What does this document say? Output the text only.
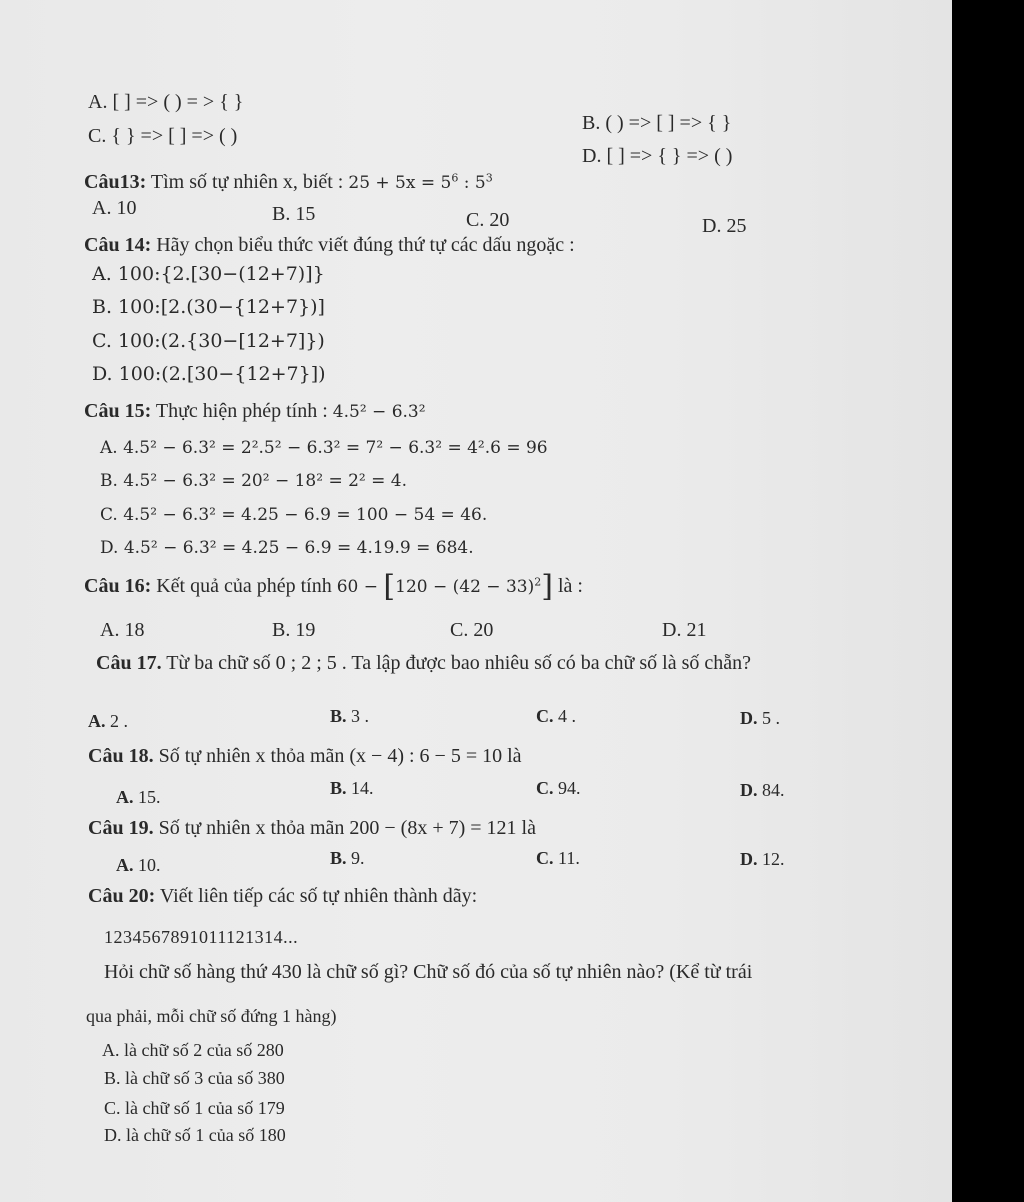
A. [ ] => ( ) = > { }
B. ( ) => [ ] => { }
C. { } => [ ] => ( )
D. [ ] => { } => ( )
Câu13: Tìm số tự nhiên x, biết : $25 + 5x = 5^6$ : $5^3$
A. 10	B. 15	C. 20	D. 25
Câu 14: Hãy chọn biểu thức viết đúng thứ tự các dấu ngoặc :
A. 100:{2.[30−(12+7)]}
B. 100:[2.(30−{12+7})]
C. 100:(2.{30−[12+7]})
D. 100:(2.[30−{12+7}])
Câu 15: Thực hiện phép tính : 4.5² − 6.3²
A. 4.5² − 6.3² = 2².5² − 6.3² = 7² − 6.3² = 4².6 = 96
B. 4.5² − 6.3² = 20² − 18² = 2² = 4.
C. 4.5² − 6.3² = 4.25 − 6.9 = 100 − 54 = 46.
D. 4.5² − 6.3² = 4.25 − 6.9 = 4.19.9 = 684.
Câu 16: Kết quả của phép tính $60 - [120 - (42 - 33)^2]$ là :
A. 18	B. 19	C. 20	D. 21
Câu 17. Từ ba chữ số 0 ; 2 ; 5 . Ta lập được bao nhiêu số có ba chữ số là số chẵn?
A. 2 .	B. 3 .	C. 4 .	D. 5 .
Câu 18. Số tự nhiên x thỏa mãn (x − 4) : 6 − 5 = 10 là
A. 15.	B. 14.	C. 94.	D. 84.
Câu 19. Số tự nhiên x thỏa mãn 200 − (8x + 7) = 121 là
A. 10.	B. 9.	C. 11.	D. 12.
Câu 20: Viết liên tiếp các số tự nhiên thành dãy:
1234567891011121314...
Hỏi chữ số hàng thứ 430 là chữ số gì? Chữ số đó của số tự nhiên nào? (Kể từ trái
qua phải, mỗi chữ số đứng 1 hàng)
A. là chữ số 2 của số 280
B. là chữ số 3 của số 380
C. là chữ số 1 của số 179
D. là chữ số 1 của số 180
